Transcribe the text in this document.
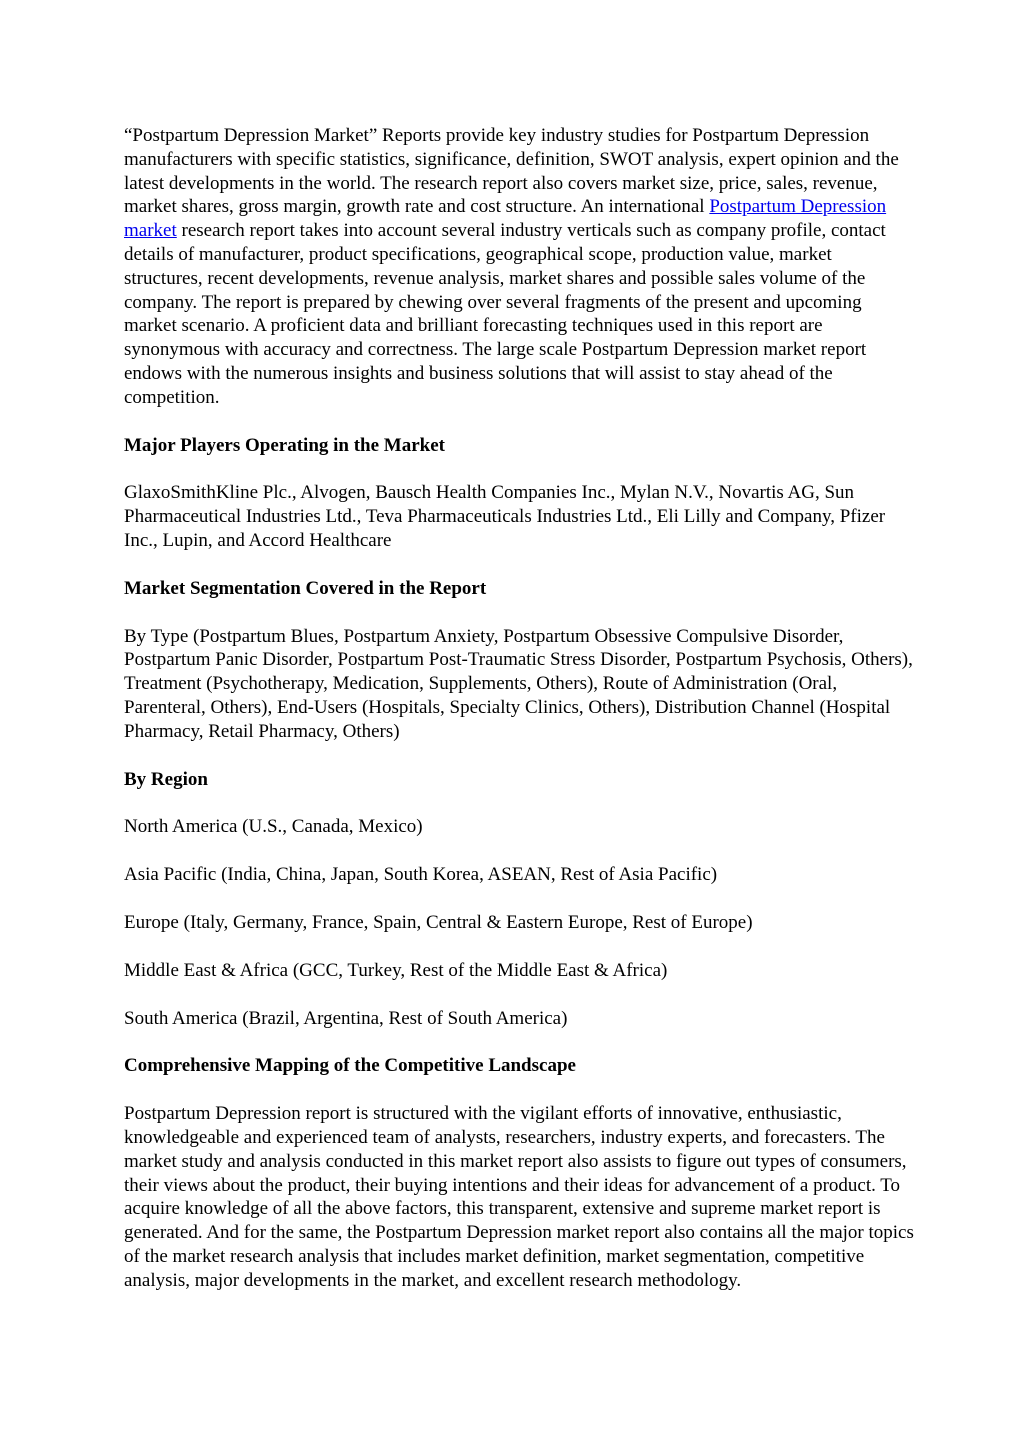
“Postpartum Depression Market” Reports provide key industry studies for Postpartum Depression manufacturers with specific statistics, significance, definition, SWOT analysis, expert opinion and the latest developments in the world. The research report also covers market size, price, sales, revenue, market shares, gross margin, growth rate and cost structure. An international Postpartum Depression market research report takes into account several industry verticals such as company profile, contact details of manufacturer, product specifications, geographical scope, production value, market structures, recent developments, revenue analysis, market shares and possible sales volume of the company. The report is prepared by chewing over several fragments of the present and upcoming market scenario. A proficient data and brilliant forecasting techniques used in this report are synonymous with accuracy and correctness. The large scale Postpartum Depression market report endows with the numerous insights and business solutions that will assist to stay ahead of the competition.

Major Players Operating in the Market

GlaxoSmithKline Plc., Alvogen, Bausch Health Companies Inc., Mylan N.V., Novartis AG, Sun Pharmaceutical Industries Ltd., Teva Pharmaceuticals Industries Ltd., Eli Lilly and Company, Pfizer Inc., Lupin, and Accord Healthcare

Market Segmentation Covered in the Report

By Type (Postpartum Blues, Postpartum Anxiety, Postpartum Obsessive Compulsive Disorder, Postpartum Panic Disorder, Postpartum Post-Traumatic Stress Disorder, Postpartum Psychosis, Others), Treatment (Psychotherapy, Medication, Supplements, Others), Route of Administration (Oral, Parenteral, Others), End-Users (Hospitals, Specialty Clinics, Others), Distribution Channel (Hospital Pharmacy, Retail Pharmacy, Others)

By Region

North America (U.S., Canada, Mexico)

Asia Pacific (India, China, Japan, South Korea, ASEAN, Rest of Asia Pacific)

Europe (Italy, Germany, France, Spain, Central & Eastern Europe, Rest of Europe)

Middle East & Africa (GCC, Turkey, Rest of the Middle East & Africa)

South America (Brazil, Argentina, Rest of South America)

Comprehensive Mapping of the Competitive Landscape

Postpartum Depression report is structured with the vigilant efforts of innovative, enthusiastic, knowledgeable and experienced team of analysts, researchers, industry experts, and forecasters. The market study and analysis conducted in this market report also assists to figure out types of consumers, their views about the product, their buying intentions and their ideas for advancement of a product. To acquire knowledge of all the above factors, this transparent, extensive and supreme market report is generated. And for the same, the Postpartum Depression market report also contains all the major topics of the market research analysis that includes market definition, market segmentation, competitive analysis, major developments in the market, and excellent research methodology.
